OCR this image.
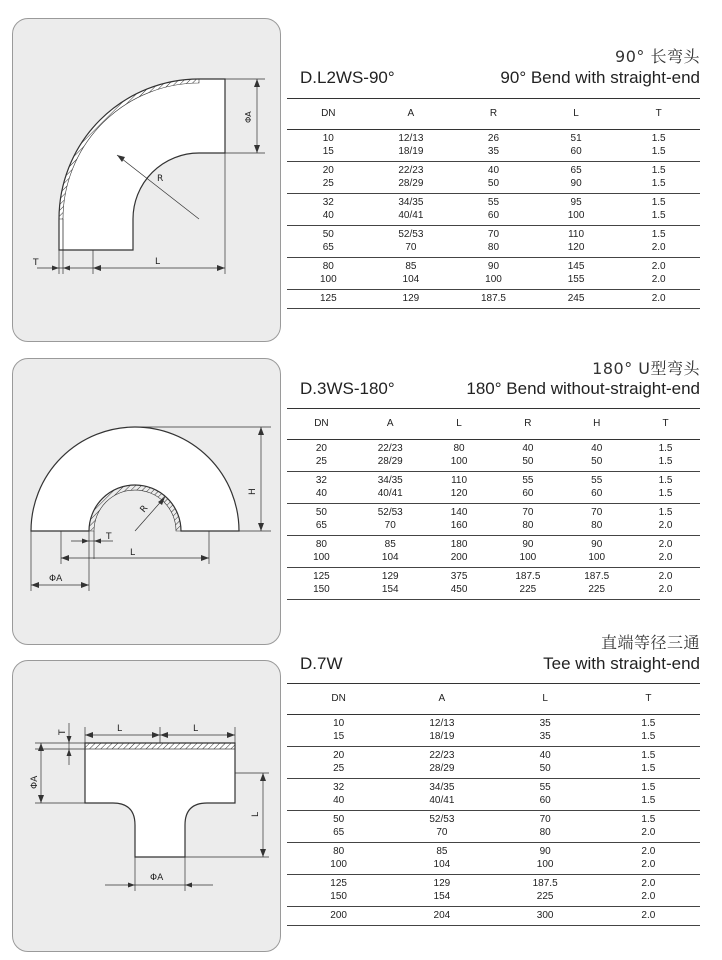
ΦA
R
T	L
90° 长弯头
D.L2WS-90°	90° Bend with straight-end
DN	A	R	L	T
10	12/13	26	51	1.5
15	18/19	35	60	1.5
20	22/23	40	65	1.5
25	28/29	50	90	1.5
32	34/35	55	95	1.5
40	40/41	60	100	1.5
50	52/53	70	110	1.5
65	70	80	120	2.0
80	85	90	145	2.0
100	104	100	155	2.0
125	129	187.5	245	2.0
H
R
T
L
ΦA
180° U型弯头
D.3WS-180°	180° Bend without-straight-end
DN	A	L	R	H	T
20	22/23	80	40	40	1.5
25	28/29	100	50	50	1.5
32	34/35	110	55	55	1.5
40	40/41	120	60	60	1.5
50	52/53	140	70	70	1.5
65	70	160	80	80	2.0
80	85	180	90	90	2.0
100	104	200	100	100	2.0
125	129	375	187.5	187.5	2.0
150	154	450	225	225	2.0
T	L	L
ΦA
L
ΦA
直端等径三通
D.7W	Tee with straight-end
DN	A	L	T
10	12/13	35	1.5
15	18/19	35	1.5
20	22/23	40	1.5
25	28/29	50	1.5
32	34/35	55	1.5
40	40/41	60	1.5
50	52/53	70	1.5
65	70	80	2.0
80	85	90	2.0
100	104	100	2.0
125	129	187.5	2.0
150	154	225	2.0
200	204	300	2.0
